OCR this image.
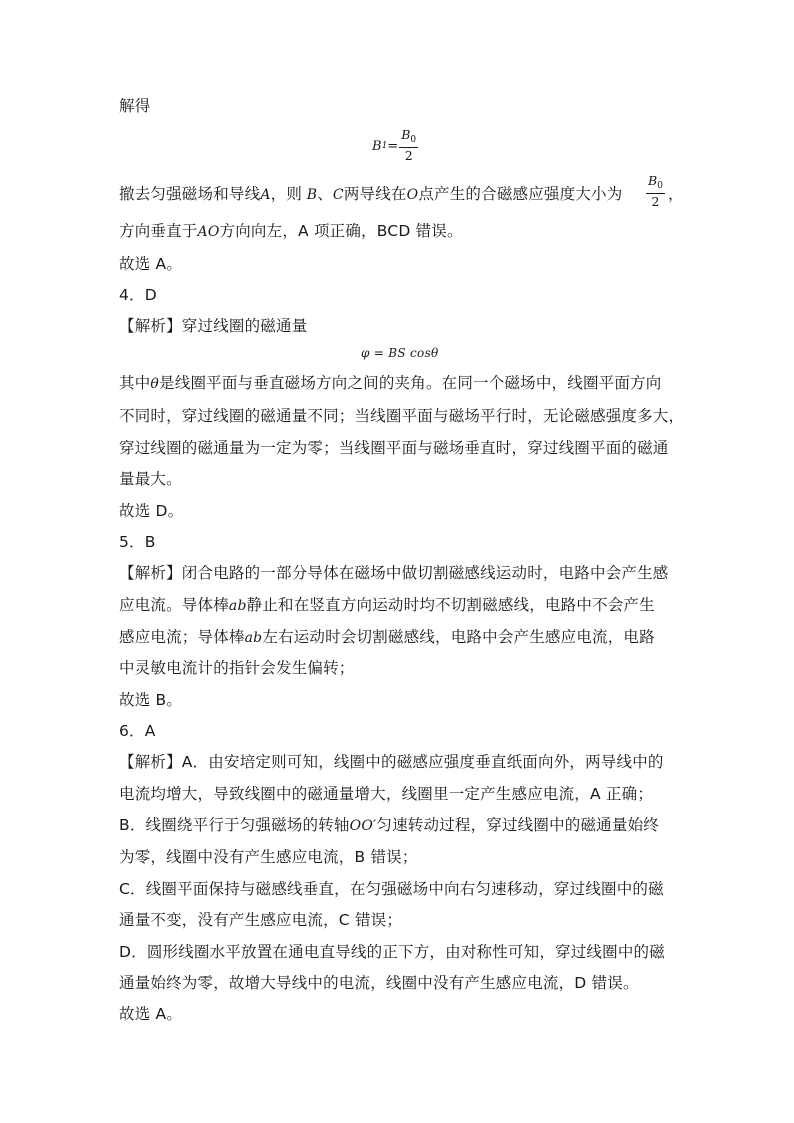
解得
B $1 = \frac{B_0}{2}$
撤去匀强磁场和导线A，则 B、C两导线在O点产生的合磁感应强度大小为 $\frac{B_0}{2}$ ，
方向垂直于AO方向向左，A 项正确，BCD 错误。
故选 A。
4．D
【解析】穿过线圈的磁通量
φ = BS cosθ
其中θ是线圈平面与垂直磁场方向之间的夹角。在同一个磁场中，线圈平面方向
不同时，穿过线圈的磁通量不同；当线圈平面与磁场平行时，无论磁感强度多大，
穿过线圈的磁通量为一定为零；当线圈平面与磁场垂直时，穿过线圈平面的磁通
量最大。
故选 D。
5．B
【解析】闭合电路的一部分导体在磁场中做切割磁感线运动时，电路中会产生感
应电流。导体棒ab静止和在竖直方向运动时均不切割磁感线，电路中不会产生
感应电流；导体棒ab左右运动时会切割磁感线，电路中会产生感应电流，电路
中灵敏电流计的指针会发生偏转；
故选 B。
6．A
【解析】A．由安培定则可知，线圈中的磁感应强度垂直纸面向外，两导线中的
电流均增大，导致线圈中的磁通量增大，线圈里一定产生感应电流，A 正确；
B．线圈绕平行于匀强磁场的转轴OO′匀速转动过程，穿过线圈中的磁通量始终
为零，线圈中没有产生感应电流，B 错误；
C．线圈平面保持与磁感线垂直，在匀强磁场中向右匀速移动，穿过线圈中的磁
通量不变，没有产生感应电流，C 错误；
D．圆形线圈水平放置在通电直导线的正下方，由对称性可知，穿过线圈中的磁
通量始终为零，故增大导线中的电流，线圈中没有产生感应电流，D 错误。
故选 A。
